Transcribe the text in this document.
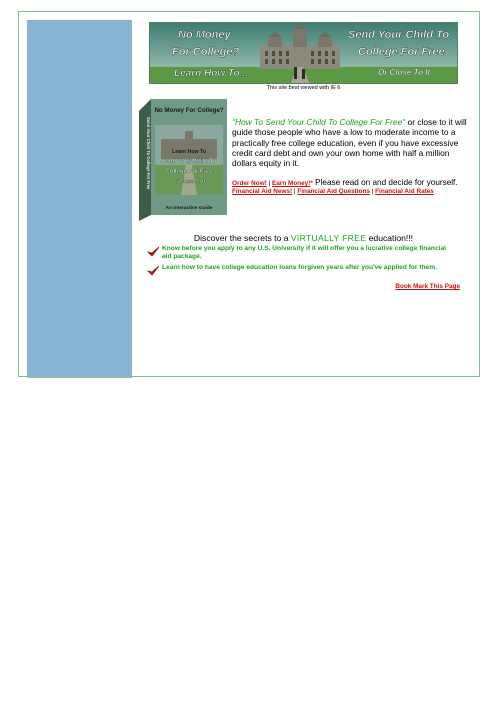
No Money
For College?
Learn How To...
Send Your Child To
College For Free
Or Close To It
This site best viewed with IE 6
No Money For College?
Learn How To
Send Your Child To
College For Free
Or Close To It
An Interactive Guide
Send Your Child To College For Free	"How To Send Your Child To College For Free" or close to it will guide those people who have a low to moderate income to a practically free college education, even if you have excessive credit card debt and own your own home with half a million dollars equity in it.
Order Now! | Earn Money!* Please read on and decide for yourself.
Financial Aid News! | Financial Aid Questions | Financial Aid Rates
Discover the secrets to a VIRTUALLY FREE education!!!
Know before you apply to any U.S. University if it will offer you a lucrative college financial aid package.
Learn how to have college education loans forgiven years after you've applied for them.
Book Mark This Page
